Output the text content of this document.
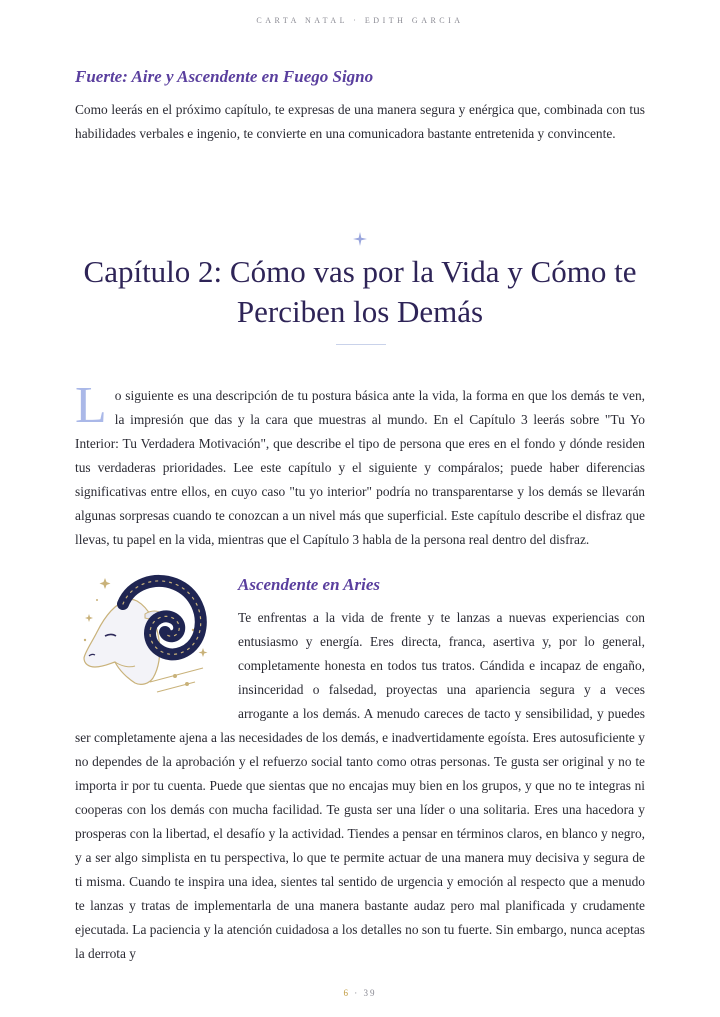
CARTA NATAL · EDITH GARCIA
Fuerte: Aire y Ascendente en Fuego Signo

Como leerás en el próximo capítulo, te expresas de una manera segura y enérgica que, combinada con tus habilidades verbales e ingenio, te convierte en una comunicadora bastante entretenida y convincente.

Capítulo 2: Cómo vas por la Vida y Cómo te Perciben los Demás
L o siguiente es una descripción de tu postura básica ante la vida, la forma en que los demás te ven, la impresión que das y la cara que muestras al mundo. En el Capítulo 3 leerás sobre "Tu Yo Interior: Tu Verdadera Motivación", que describe el tipo de persona que eres en el fondo y dónde residen tus verdaderas prioridades. Lee este capítulo y el siguiente y compáralos; puede haber diferencias significativas entre ellos, en cuyo caso "tu yo interior" podría no transparentarse y los demás se llevarán algunas sorpresas cuando te conozcan a un nivel más que superficial. Este capítulo describe el disfraz que llevas, tu papel en la vida, mientras que el Capítulo 3 habla de la persona real dentro del disfraz.

Ascendente en Aries

Te enfrentas a la vida de frente y te lanzas a nuevas experiencias con entusiasmo y energía. Eres directa, franca, asertiva y, por lo general, completamente honesta en todos tus tratos. Cándida e incapaz de engaño, insinceridad o falsedad, proyectas una apariencia segura y a veces arrogante a los demás. A menudo careces de tacto y sensibilidad, y puedes ser completamente ajena a las necesidades de los demás, e inadvertidamente egoísta. Eres autosuficiente y no dependes de la aprobación y el refuerzo social tanto como otras personas. Te gusta ser original y no te importa ir por tu cuenta. Puede que sientas que no encajas muy bien en los grupos, y que no te integras ni cooperas con los demás con mucha facilidad. Te gusta ser una líder o una solitaria. Eres una hacedora y prosperas con la libertad, el desafío y la actividad. Tiendes a pensar en términos claros, en blanco y negro, y a ser algo simplista en tu perspectiva, lo que te permite actuar de una manera muy decisiva y segura de ti misma. Cuando te inspira una idea, sientes tal sentido de urgencia y emoción al respecto que a menudo te lanzas y tratas de implementarla de una manera bastante audaz pero mal planificada y crudamente ejecutada. La paciencia y la atención cuidadosa a los detalles no son tu fuerte. Sin embargo, nunca aceptas la derrota y

6 · 39
